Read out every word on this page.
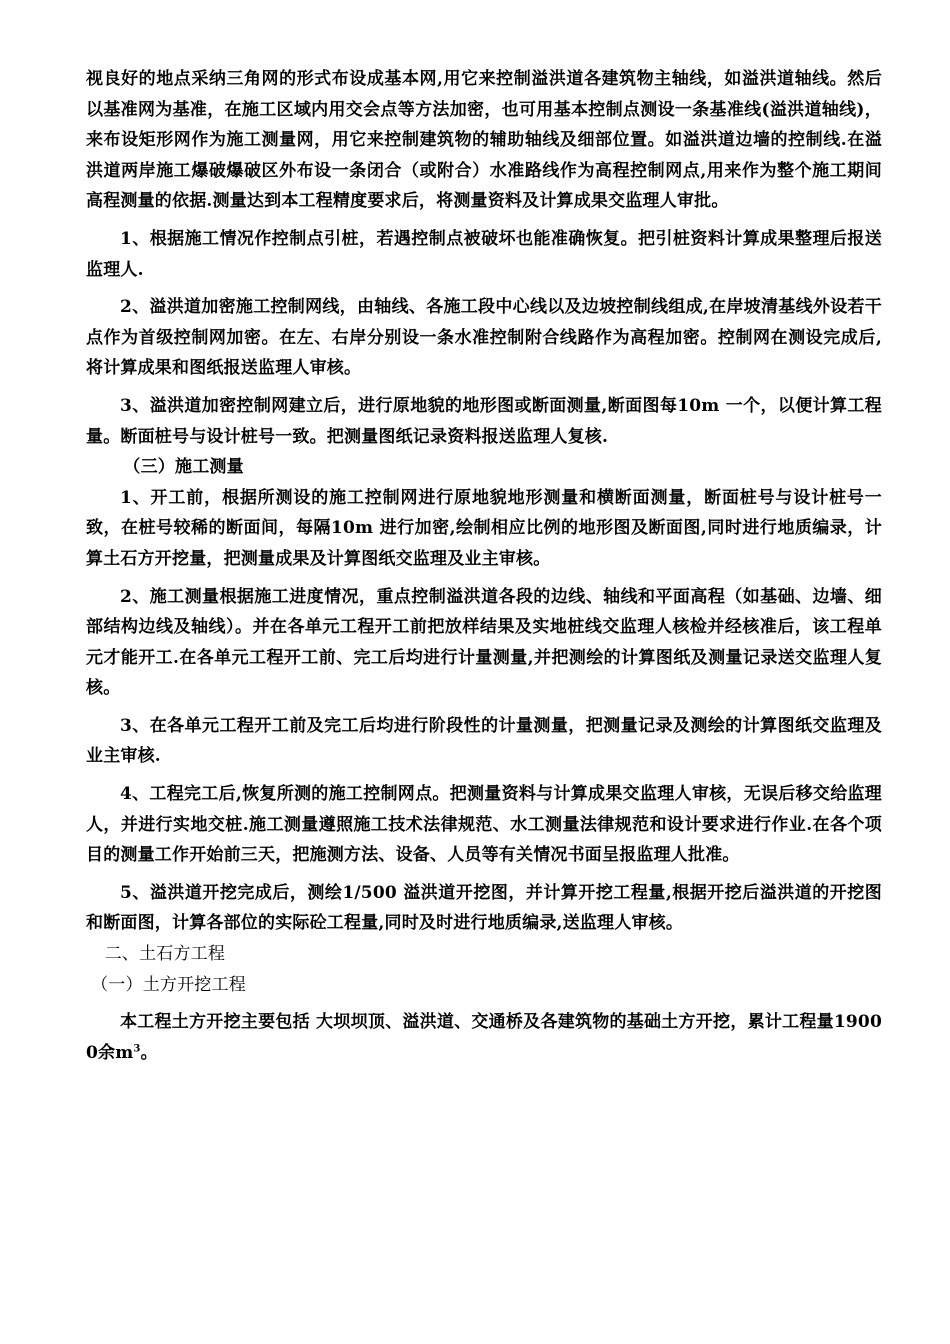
视良好的地点采纳三角网的形式布设成基本网,用它来控制溢洪道各建筑物主轴线，如溢洪道轴线。然后以基准网为基准，在施工区域内用交会点等方法加密，也可用基本控制点测设一条基准线(溢洪道轴线)，来布设矩形网作为施工测量网，用它来控制建筑物的辅助轴线及细部位置。如溢洪道边墙的控制线.在溢洪道两岸施工爆破爆破区外布设一条闭合（或附合）水准路线作为高程控制网点,用来作为整个施工期间高程测量的依据.测量达到本工程精度要求后，将测量资料及计算成果交监理人审批。

1、根据施工情况作控制点引桩，若遇控制点被破坏也能准确恢复。把引桩资料计算成果整理后报送监理人.

2、溢洪道加密施工控制网线，由轴线、各施工段中心线以及边坡控制线组成,在岸坡清基线外设若干点作为首级控制网加密。在左、右岸分别设一条水准控制附合线路作为高程加密。控制网在测设完成后,将计算成果和图纸报送监理人审核。

3、溢洪道加密控制网建立后，进行原地貌的地形图或断面测量,断面图每10m 一个，以便计算工程量。断面桩号与设计桩号一致。把测量图纸记录资料报送监理人复核.

（三）施工测量

1、开工前，根据所测设的施工控制网进行原地貌地形测量和横断面测量，断面桩号与设计桩号一致，在桩号较稀的断面间，每隔10m 进行加密,绘制相应比例的地形图及断面图,同时进行地质编录，计算土石方开挖量，把测量成果及计算图纸交监理及业主审核。

2、施工测量根据施工进度情况，重点控制溢洪道各段的边线、轴线和平面高程（如基础、边墙、细部结构边线及轴线）。并在各单元工程开工前把放样结果及实地桩线交监理人核检并经核准后，该工程单元才能开工.在各单元工程开工前、完工后均进行计量测量,并把测绘的计算图纸及测量记录送交监理人复核。

3、在各单元工程开工前及完工后均进行阶段性的计量测量，把测量记录及测绘的计算图纸交监理及业主审核.

4、工程完工后,恢复所测的施工控制网点。把测量资料与计算成果交监理人审核，无误后移交给监理人，并进行实地交桩.施工测量遵照施工技术法律规范、水工测量法律规范和设计要求进行作业.在各个项目的测量工作开始前三天，把施测方法、设备、人员等有关情况书面呈报监理人批准。

5、溢洪道开挖完成后，测绘1/500 溢洪道开挖图，并计算开挖工程量,根据开挖后溢洪道的开挖图和断面图，计算各部位的实际砼工程量,同时及时进行地质编录,送监理人审核。

二、土石方工程

（一）土方开挖工程

本工程土方开挖主要包括 大坝坝顶、溢洪道、交通桥及各建筑物的基础土方开挖，累计工程量19000余$m^3$。
